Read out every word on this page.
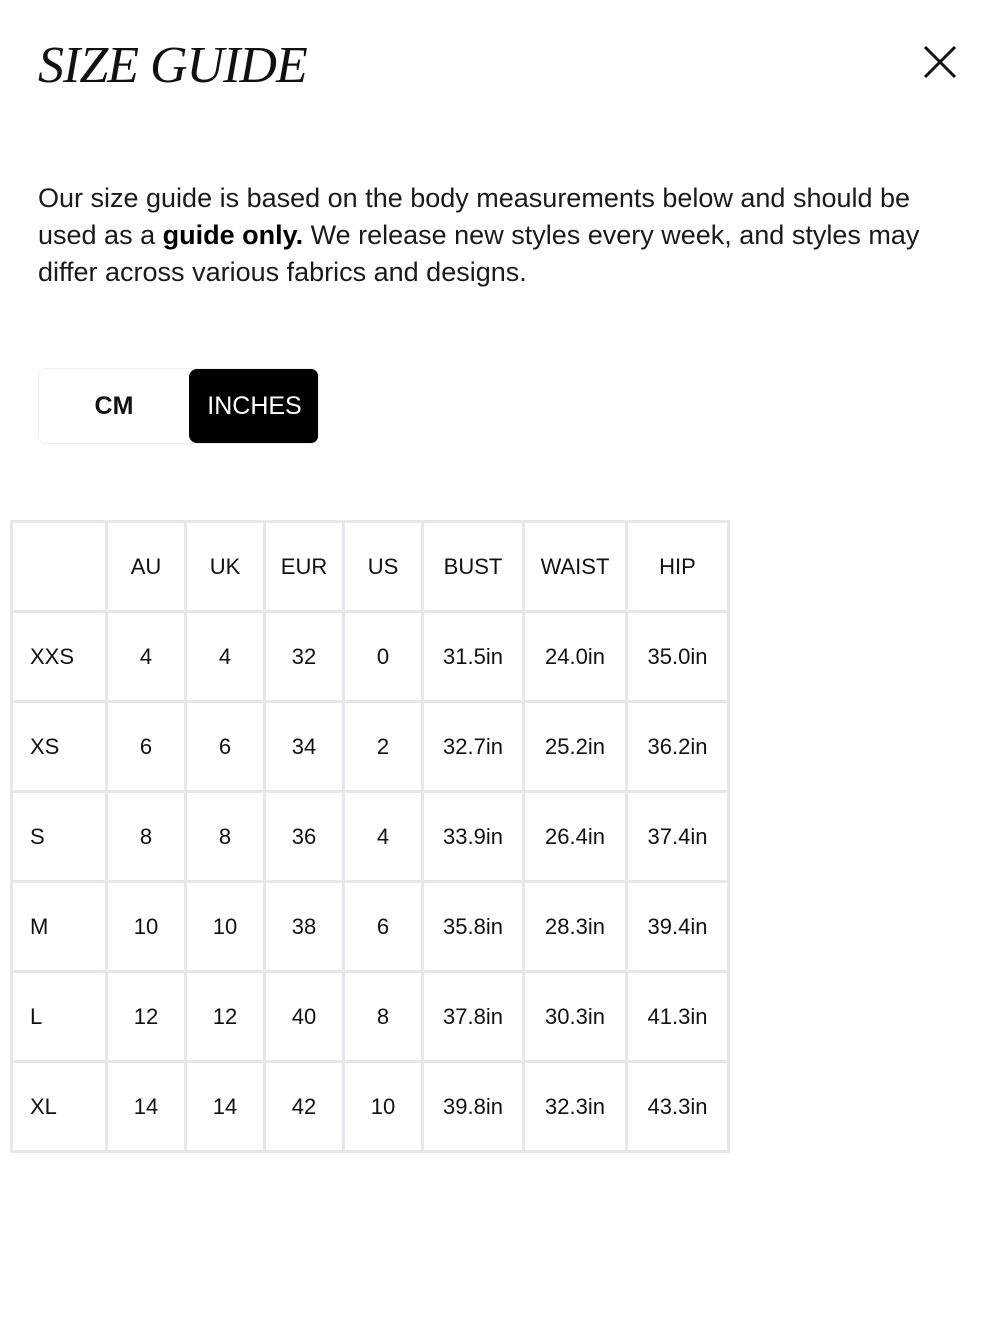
SIZE GUIDE

Our size guide is based on the body measurements below and should be used as a guide only. We release new styles every week, and styles may differ across various fabrics and designs.

CM	INCHES
	AU	UK	EUR	US	BUST	WAIST	HIP
XXS	4	4	32	0	31.5in	24.0in	35.0in
XS	6	6	34	2	32.7in	25.2in	36.2in
S	8	8	36	4	33.9in	26.4in	37.4in
M	10	10	38	6	35.8in	28.3in	39.4in
L	12	12	40	8	37.8in	30.3in	41.3in
XL	14	14	42	10	39.8in	32.3in	43.3in
